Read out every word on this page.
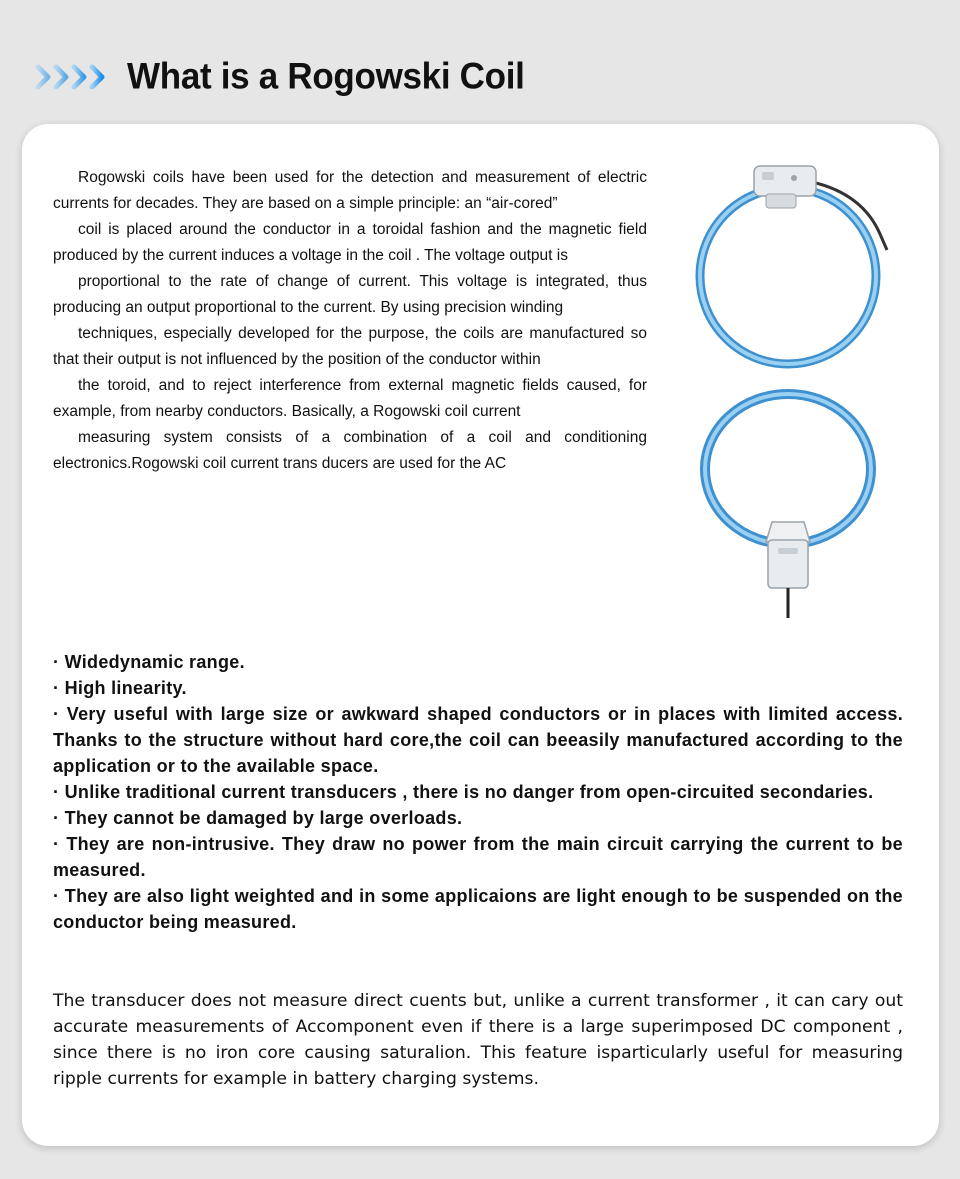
What is a Rogowski Coil

Rogowski coils have been used for the detection and measurement of electric currents for decades. They are based on a simple principle: an “air-cored”

coil is placed around the conductor in a toroidal fashion and the magnetic field produced by the current induces a voltage in the coil . The voltage output is

proportional to the rate of change of current. This voltage is integrated, thus producing an output proportional to the current. By using precision winding

techniques, especially developed for the purpose, the coils are manufactured so that their output is not influenced by the position of the conductor within

the toroid, and to reject interference from external magnetic fields caused, for example, from nearby conductors. Basically, a Rogowski coil current

measuring system consists of a combination of a coil and conditioning electronics.Rogowski coil current trans ducers are used for the AC

· Widedynamic range.
· High linearity.
· Very useful with large size or awkward shaped conductors or in places with limited access. Thanks to the structure without hard core,the coil can beeasily manufactured according to the application or to the available space.
· Unlike traditional current transducers , there is no danger from open-circuited secondaries.
· They cannot be damaged by large overloads.
· They are non-intrusive. They draw no power from the main circuit carrying the current to be measured.
· They are also light weighted and in some applicaions are light enough to be suspended on the conductor being measured.
The transducer does not measure direct cuents but, unlike a current transformer , it can cary out accurate measurements of Accomponent even if there is a large superimposed DC component , since there is no iron core causing saturalion. This feature isparticularly useful for measuring ripple currents for example in battery charging systems.
